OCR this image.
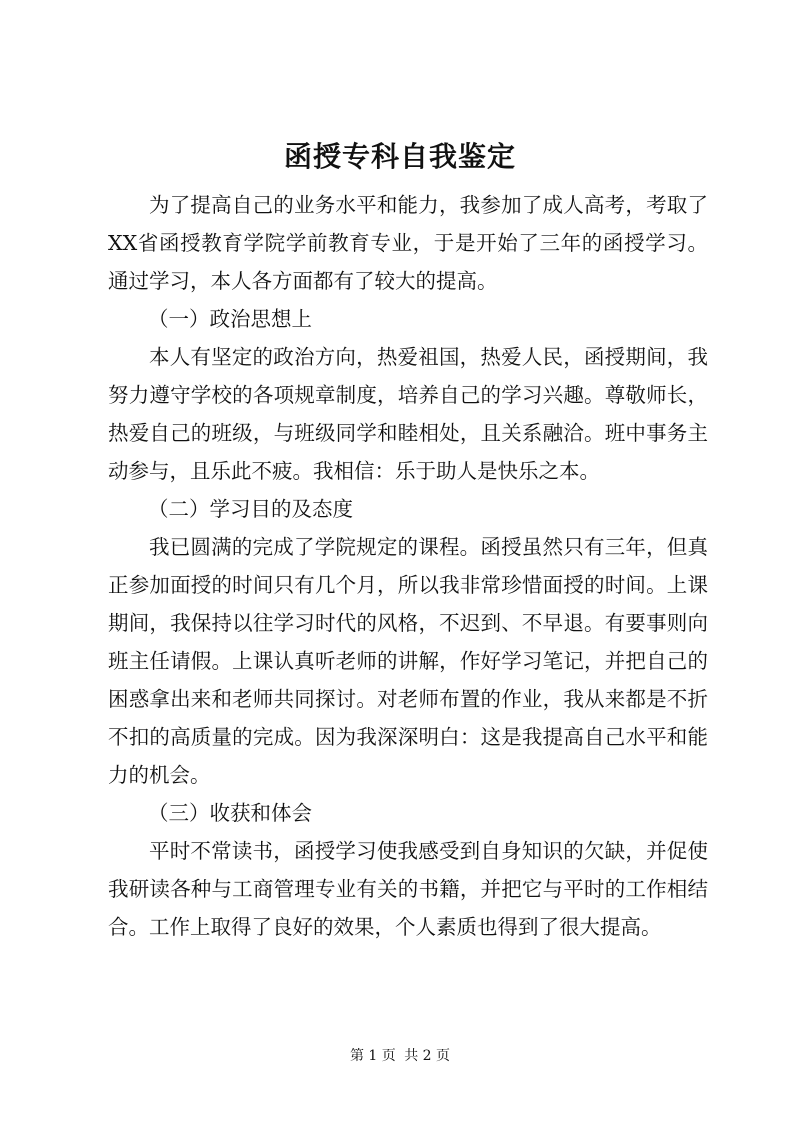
函授专科自我鉴定

为了提高自己的业务水平和能力，我参加了成人高考，考取了XX省函授教育学院学前教育专业，于是开始了三年的函授学习。通过学习，本人各方面都有了较大的提高。

（一）政治思想上

本人有坚定的政治方向，热爱祖国，热爱人民，函授期间，我努力遵守学校的各项规章制度，培养自己的学习兴趣。尊敬师长，热爱自己的班级，与班级同学和睦相处，且关系融洽。班中事务主动参与，且乐此不疲。我相信：乐于助人是快乐之本。

（二）学习目的及态度

我已圆满的完成了学院规定的课程。函授虽然只有三年，但真正参加面授的时间只有几个月，所以我非常珍惜面授的时间。上课期间，我保持以往学习时代的风格，不迟到、不早退。有要事则向班主任请假。上课认真听老师的讲解，作好学习笔记，并把自己的困惑拿出来和老师共同探讨。对老师布置的作业，我从来都是不折不扣的高质量的完成。因为我深深明白：这是我提高自己水平和能力的机会。

（三）收获和体会

平时不常读书，函授学习使我感受到自身知识的欠缺，并促使我研读各种与工商管理专业有关的书籍，并把它与平时的工作相结合。工作上取得了良好的效果，个人素质也得到了很大提高。

第 1 页 共 2 页
